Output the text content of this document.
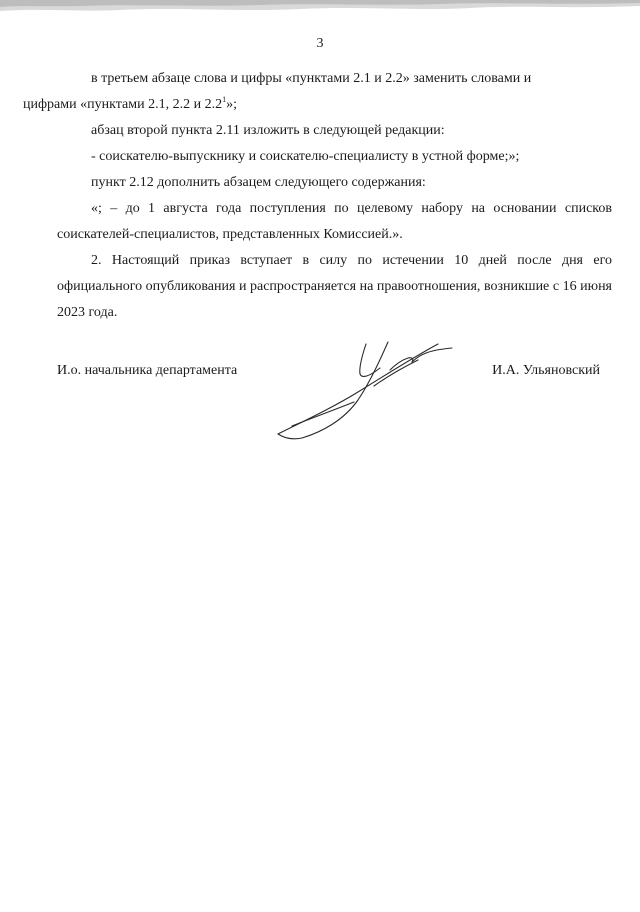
3

в третьем абзаце слова и цифры «пунктами 2.1 и 2.2» заменить словами и
цифрами «пунктами 2.1, 2.2 и $2.2^1$»;

абзац второй пункта 2.11 изложить в следующей редакции:

- соискателю-выпускнику и соискателю-специалисту в устной форме;»;

пункт 2.12 дополнить абзацем следующего содержания:

«; – до 1 августа года поступления по целевому набору на основании списков соискателей-специалистов, представленных Комиссией.».

2. Настоящий приказ вступает в силу по истечении 10 дней после дня его официального опубликования и распространяется на правоотношения, возникшие с 16 июня 2023 года.

И.о. начальника департамента	И.А. Ульяновский
